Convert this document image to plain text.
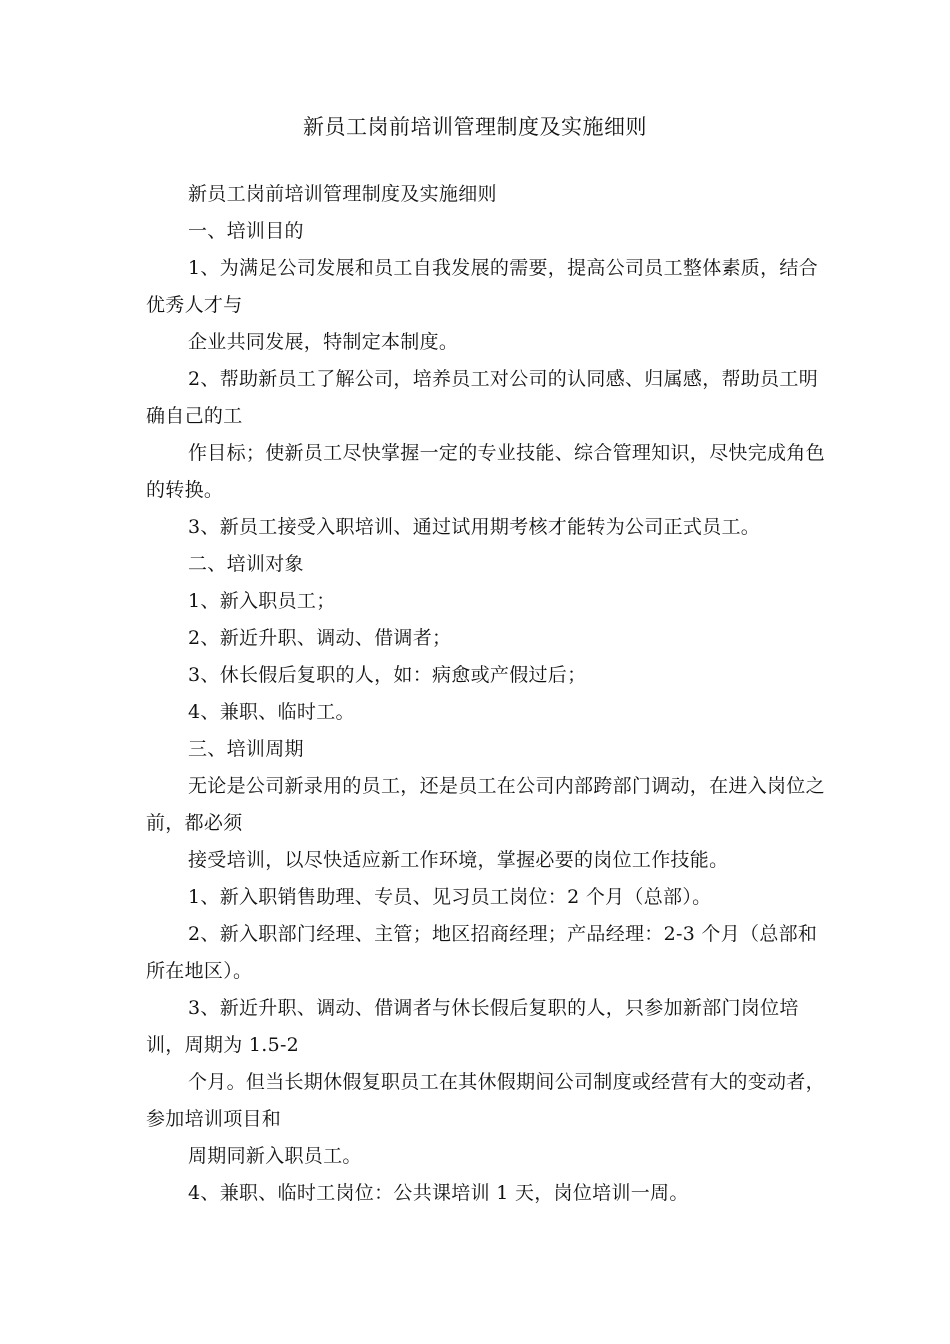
新员工岗前培训管理制度及实施细则

新员工岗前培训管理制度及实施细则

一、培训目的

1、为满足公司发展和员工自我发展的需要，提高公司员工整体素质，结合优秀人才与

企业共同发展，特制定本制度。

2、帮助新员工了解公司，培养员工对公司的认同感、归属感，帮助员工明确自己的工

作目标；使新员工尽快掌握一定的专业技能、综合管理知识，尽快完成角色的转换。

3、新员工接受入职培训、通过试用期考核才能转为公司正式员工。

二、培训对象

1、新入职员工；

2、新近升职、调动、借调者；

3、休长假后复职的人，如：病愈或产假过后；

4、兼职、临时工。

三、培训周期

无论是公司新录用的员工，还是员工在公司内部跨部门调动，在进入岗位之前，都必须

接受培训，以尽快适应新工作环境，掌握必要的岗位工作技能。

1、新入职销售助理、专员、见习员工岗位：2 个月（总部）。

2、新入职部门经理、主管；地区招商经理；产品经理：2-3 个月（总部和所在地区）。

3、新近升职、调动、借调者与休长假后复职的人，只参加新部门岗位培训，周期为 1.5-2

个月。但当长期休假复职员工在其休假期间公司制度或经营有大的变动者，参加培训项目和

周期同新入职员工。

4、兼职、临时工岗位：公共课培训 1 天，岗位培训一周。
